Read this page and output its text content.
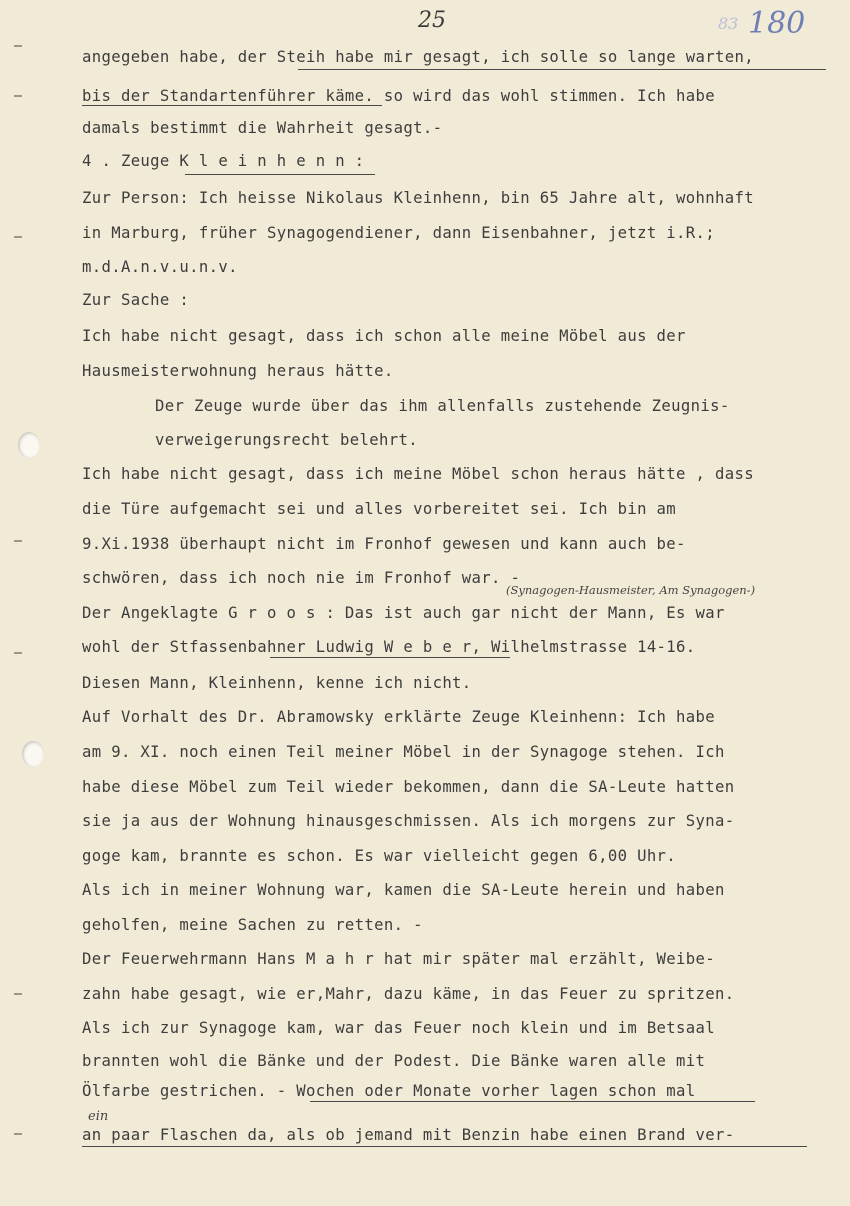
83 180
25
angegeben habe, der Steih habe mir gesagt, ich solle so lange warten,
bis der Standartenführer käme. so wird das wohl stimmen. Ich habe
damals bestimmt die Wahrheit gesagt.-
4 . Zeuge K l e i n h e n n :
Zur Person: Ich heisse Nikolaus Kleinhenn, bin 65 Jahre alt, wohnhaft
in Marburg, früher Synagogendiener, dann Eisenbahner, jetzt i.R.;
m.d.A.n.v.u.n.v.
Zur Sache :
Ich habe nicht gesagt, dass ich schon alle meine Möbel aus der
Hausmeisterwohnung heraus hätte.
Der Zeuge wurde über das ihm allenfalls zustehende Zeugnis-
verweigerungsrecht belehrt.
Ich habe nicht gesagt, dass ich meine Möbel schon heraus hätte , dass
die Türe aufgemacht sei und alles vorbereitet sei. Ich bin am
9.Xi.1938 überhaupt nicht im Fronhof gewesen und kann auch be-
schwören, dass ich noch nie im Fronhof war. -
Der Angeklagte G r o o s : Das ist auch gar nicht der Mann, Es war
wohl der Stfassenbahner Ludwig W e b e r, Wilhelmstrasse 14-16.
Diesen Mann, Kleinhenn, kenne ich nicht.
Auf Vorhalt des Dr. Abramowsky erklärte Zeuge Kleinhenn: Ich habe
am 9. XI. noch einen Teil meiner Möbel in der Synagoge stehen. Ich
habe diese Möbel zum Teil wieder bekommen, dann die SA-Leute hatten
sie ja aus der Wohnung hinausgeschmissen. Als ich morgens zur Syna-
goge kam, brannte es schon. Es war vielleicht gegen 6,00 Uhr.
Als ich in meiner Wohnung war, kamen die SA-Leute herein und haben
geholfen, meine Sachen zu retten. -
Der Feuerwehrmann Hans M a h r hat mir später mal erzählt, Weibe-
zahn habe gesagt, wie er,Mahr, dazu käme, in das Feuer zu spritzen.
Als ich zur Synagoge kam, war das Feuer noch klein und im Betsaal
brannten wohl die Bänke und der Podest. Die Bänke waren alle mit
Ölfarbe gestrichen. - Wochen oder Monate vorher lagen schon mal
an paar Flaschen da, als ob jemand mit Benzin habe einen Brand ver-
(Synagogen-Hausmeister, Am Synagogen-)
ein
